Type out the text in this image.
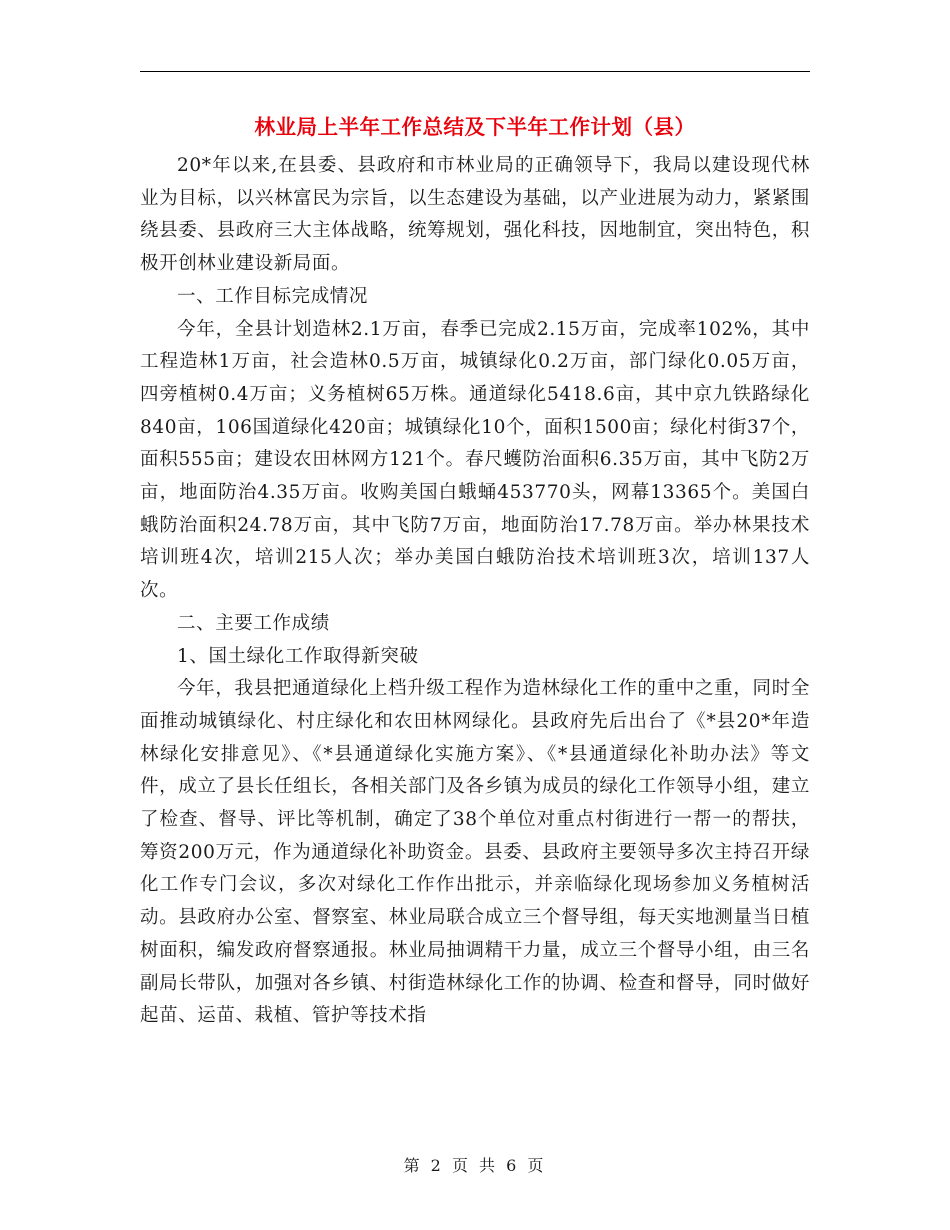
林业局上半年工作总结及下半年工作计划（县）

20*年以来,在县委、县政府和市林业局的正确领导下，我局以建设现代林业为目标，以兴林富民为宗旨，以生态建设为基础，以产业进展为动力，紧紧围绕县委、县政府三大主体战略，统筹规划，强化科技，因地制宜，突出特色，积极开创林业建设新局面。

一、工作目标完成情况

今年，全县计划造林2.1万亩，春季已完成2.15万亩，完成率102%，其中工程造林1万亩，社会造林0.5万亩，城镇绿化0.2万亩，部门绿化0.05万亩，四旁植树0.4万亩；义务植树65万株。通道绿化5418.6亩，其中京九铁路绿化840亩，106国道绿化420亩；城镇绿化10个，面积1500亩；绿化村街37个，面积555亩；建设农田林网方121个。春尺蠖防治面积6.35万亩，其中飞防2万亩，地面防治4.35万亩。收购美国白蛾蛹453770头，网幕13365个。美国白蛾防治面积24.78万亩，其中飞防7万亩，地面防治17.78万亩。举办林果技术培训班4次，培训215人次；举办美国白蛾防治技术培训班3次，培训137人次。

二、主要工作成绩

1、国土绿化工作取得新突破

今年，我县把通道绿化上档升级工程作为造林绿化工作的重中之重，同时全面推动城镇绿化、村庄绿化和农田林网绿化。县政府先后出台了《*县20*年造林绿化安排意见》、《*县通道绿化实施方案》、《*县通道绿化补助办法》等文件，成立了县长任组长，各相关部门及各乡镇为成员的绿化工作领导小组，建立了检查、督导、评比等机制，确定了38个单位对重点村街进行一帮一的帮扶，筹资200万元，作为通道绿化补助资金。县委、县政府主要领导多次主持召开绿化工作专门会议，多次对绿化工作作出批示，并亲临绿化现场参加义务植树活动。县政府办公室、督察室、林业局联合成立三个督导组，每天实地测量当日植树面积，编发政府督察通报。林业局抽调精干力量，成立三个督导小组，由三名副局长带队，加强对各乡镇、村街造林绿化工作的协调、检查和督导，同时做好起苗、运苗、栽植、管护等技术指

第 2 页 共 6 页
